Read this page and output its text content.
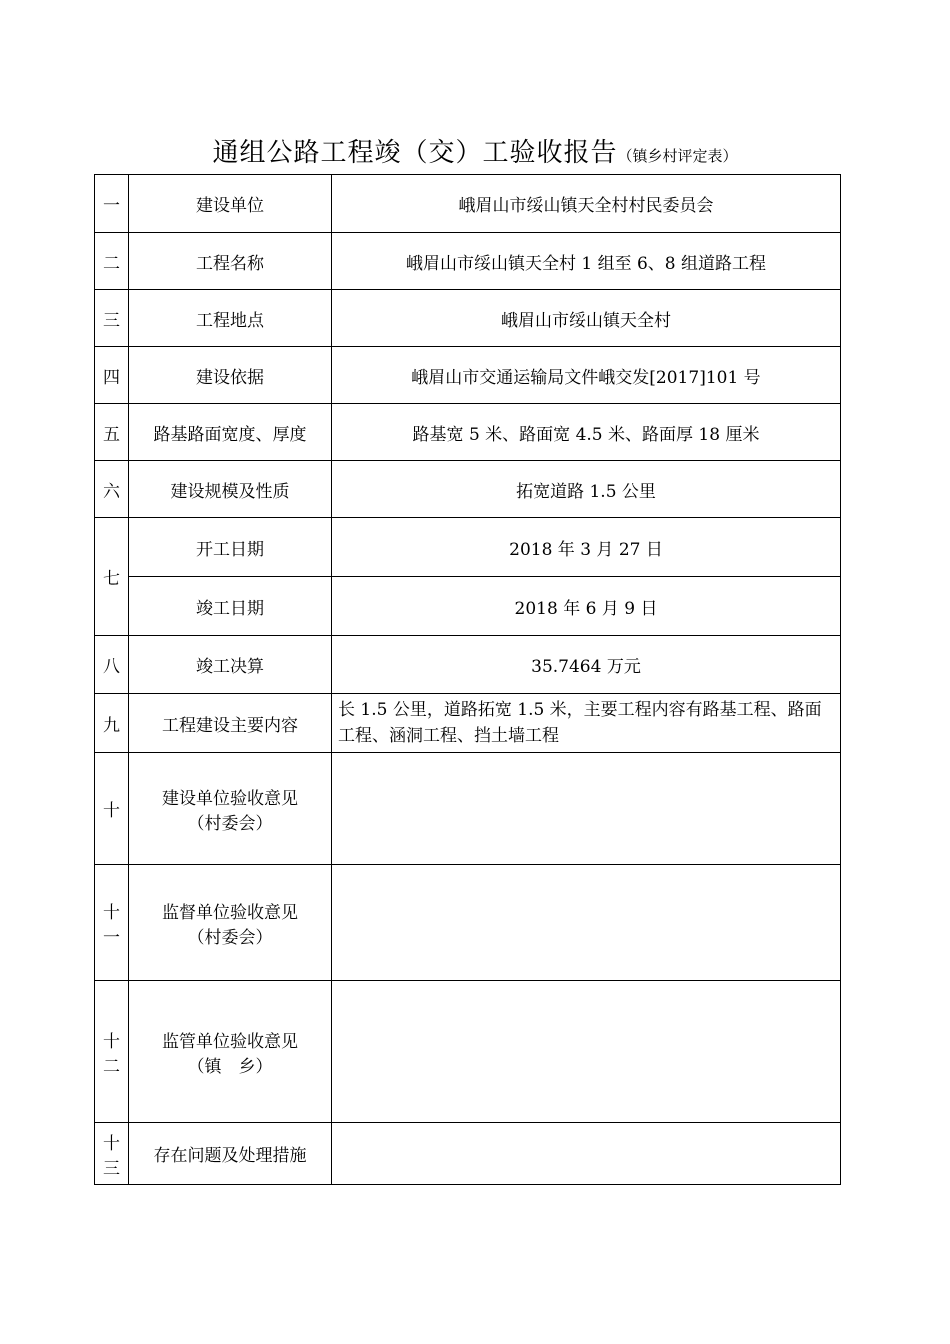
通组公路工程竣（交）工验收报告（镇乡村评定表）
一	建设单位	峨眉山市绥山镇天全村村民委员会
二	工程名称	峨眉山市绥山镇天全村 1 组至 6、8 组道路工程
三	工程地点	峨眉山市绥山镇天全村
四	建设依据	峨眉山市交通运输局文件峨交发[2017]101 号
五	路基路面宽度、厚度	路基宽 5 米、路面宽 4.5 米、路面厚 18 厘米
六	建设规模及性质	拓宽道路 1.5 公里
七	开工日期	2018 年 3 月 27 日
	竣工日期	2018 年 6 月 9 日
八	竣工决算	35.7464 万元
九	工程建设主要内容	长 1.5 公里，道路拓宽 1.5 米，主要工程内容有路基工程、路面工程、涵洞工程、挡土墙工程
十	建设单位验收意见
（村委会）	

十一	监督单位验收意见
（村委会）	

十二	监管单位验收意见
（镇　乡）	

十三	存在问题及处理措施	
